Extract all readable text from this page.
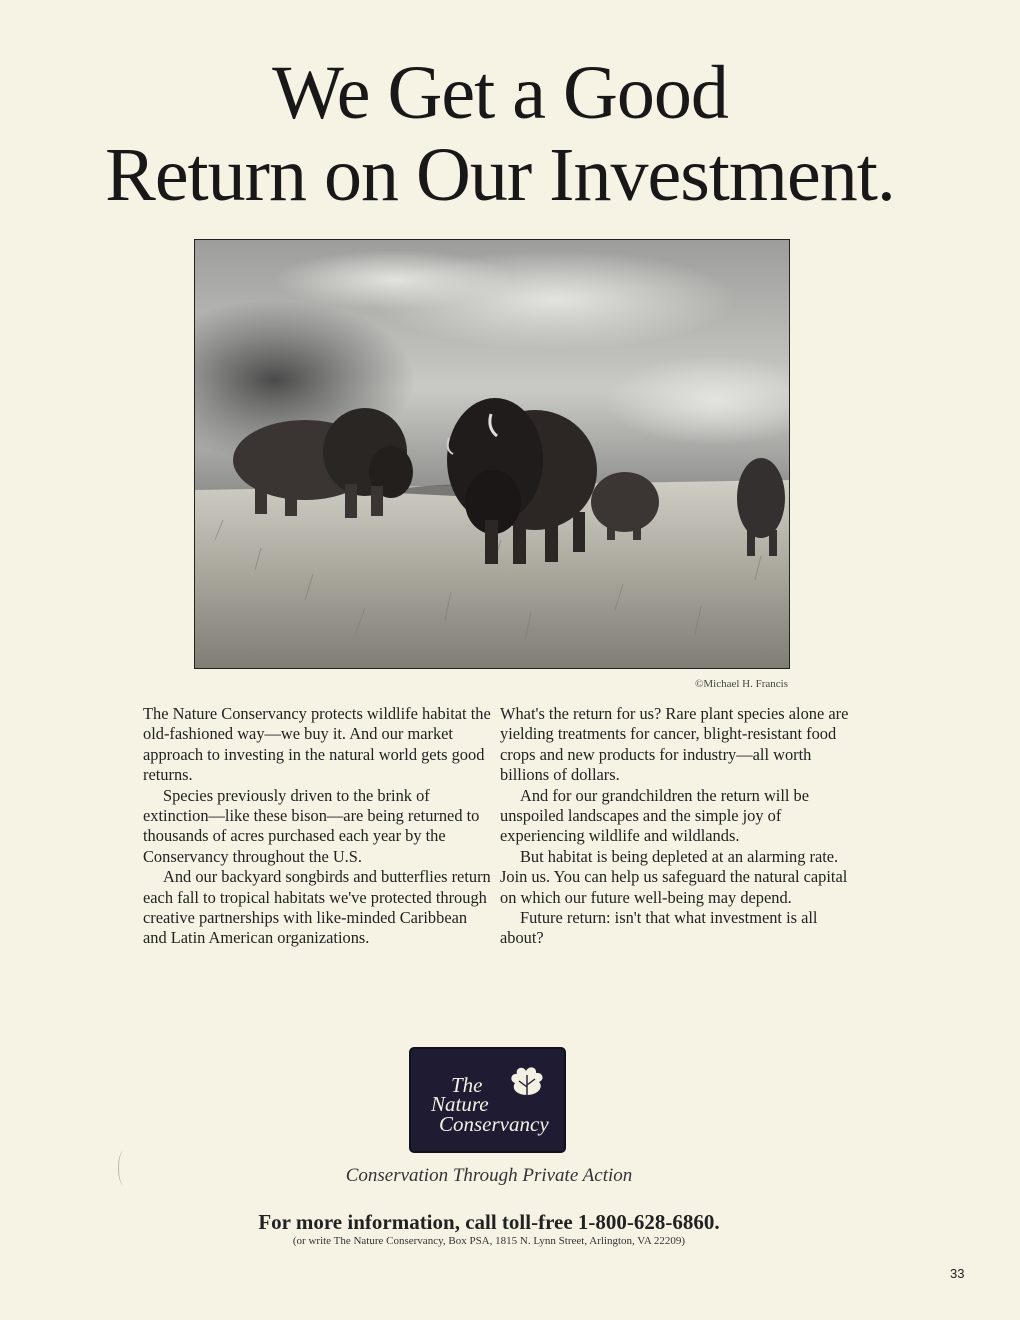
We Get a Good
Return on Our Investment.
©Michael H. Francis

The Nature Conservancy protects wildlife habitat the old-fashioned way—we buy it. And our market approach to investing in the natural world gets good returns.

Species previously driven to the brink of extinction—like these bison—are being returned to thousands of acres purchased each year by the Conservancy throughout the U.S.

And our backyard songbirds and butterflies return each fall to tropical habitats we've protected through creative partnerships with like-minded Caribbean and Latin American organizations.

What's the return for us? Rare plant species alone are yielding treatments for cancer, blight-resistant food crops and new products for industry—all worth billions of dollars.

And for our grandchildren the return will be unspoiled landscapes and the simple joy of experiencing wildlife and wildlands.

But habitat is being depleted at an alarming rate. Join us. You can help us safeguard the natural capital on which our future well-being may depend.

Future return: isn't that what investment is all about?

The
Nature
Conservancy
Conservation Through Private Action
For more information, call toll-free 1-800-628-6860.
(or write The Nature Conservancy, Box PSA, 1815 N. Lynn Street, Arlington, VA 22209)
33
